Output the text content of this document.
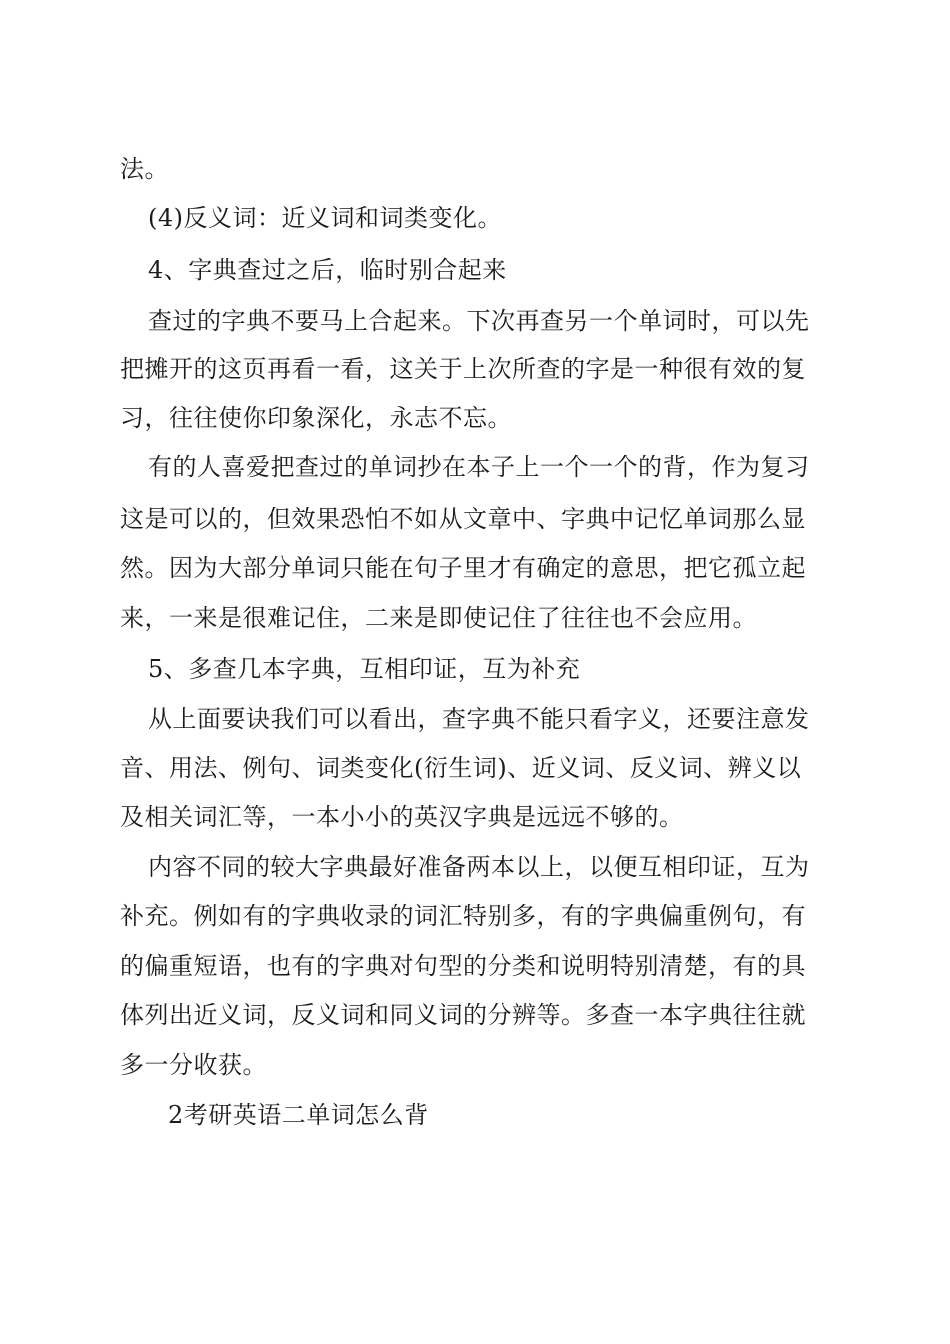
法。
(4)反义词：近义词和词类变化。
4、字典查过之后，临时别合起来
查过的字典不要马上合起来。下次再查另一个单词时，可以先
把摊开的这页再看一看，这关于上次所查的字是一种很有效的复
习，往往使你印象深化，永志不忘。
有的人喜爱把查过的单词抄在本子上一个一个的背，作为复习
这是可以的，但效果恐怕不如从文章中、字典中记忆单词那么显
然。因为大部分单词只能在句子里才有确定的意思，把它孤立起
来，一来是很难记住，二来是即使记住了往往也不会应用。
5、多查几本字典，互相印证，互为补充
从上面要诀我们可以看出，查字典不能只看字义，还要注意发
音、用法、例句、词类变化(衍生词)、近义词、反义词、辨义以
及相关词汇等，一本小小的英汉字典是远远不够的。
内容不同的较大字典最好准备两本以上，以便互相印证，互为
补充。例如有的字典收录的词汇特别多，有的字典偏重例句，有
的偏重短语，也有的字典对句型的分类和说明特别清楚，有的具
体列出近义词，反义词和同义词的分辨等。多查一本字典往往就
多一分收获。
2考研英语二单词怎么背
